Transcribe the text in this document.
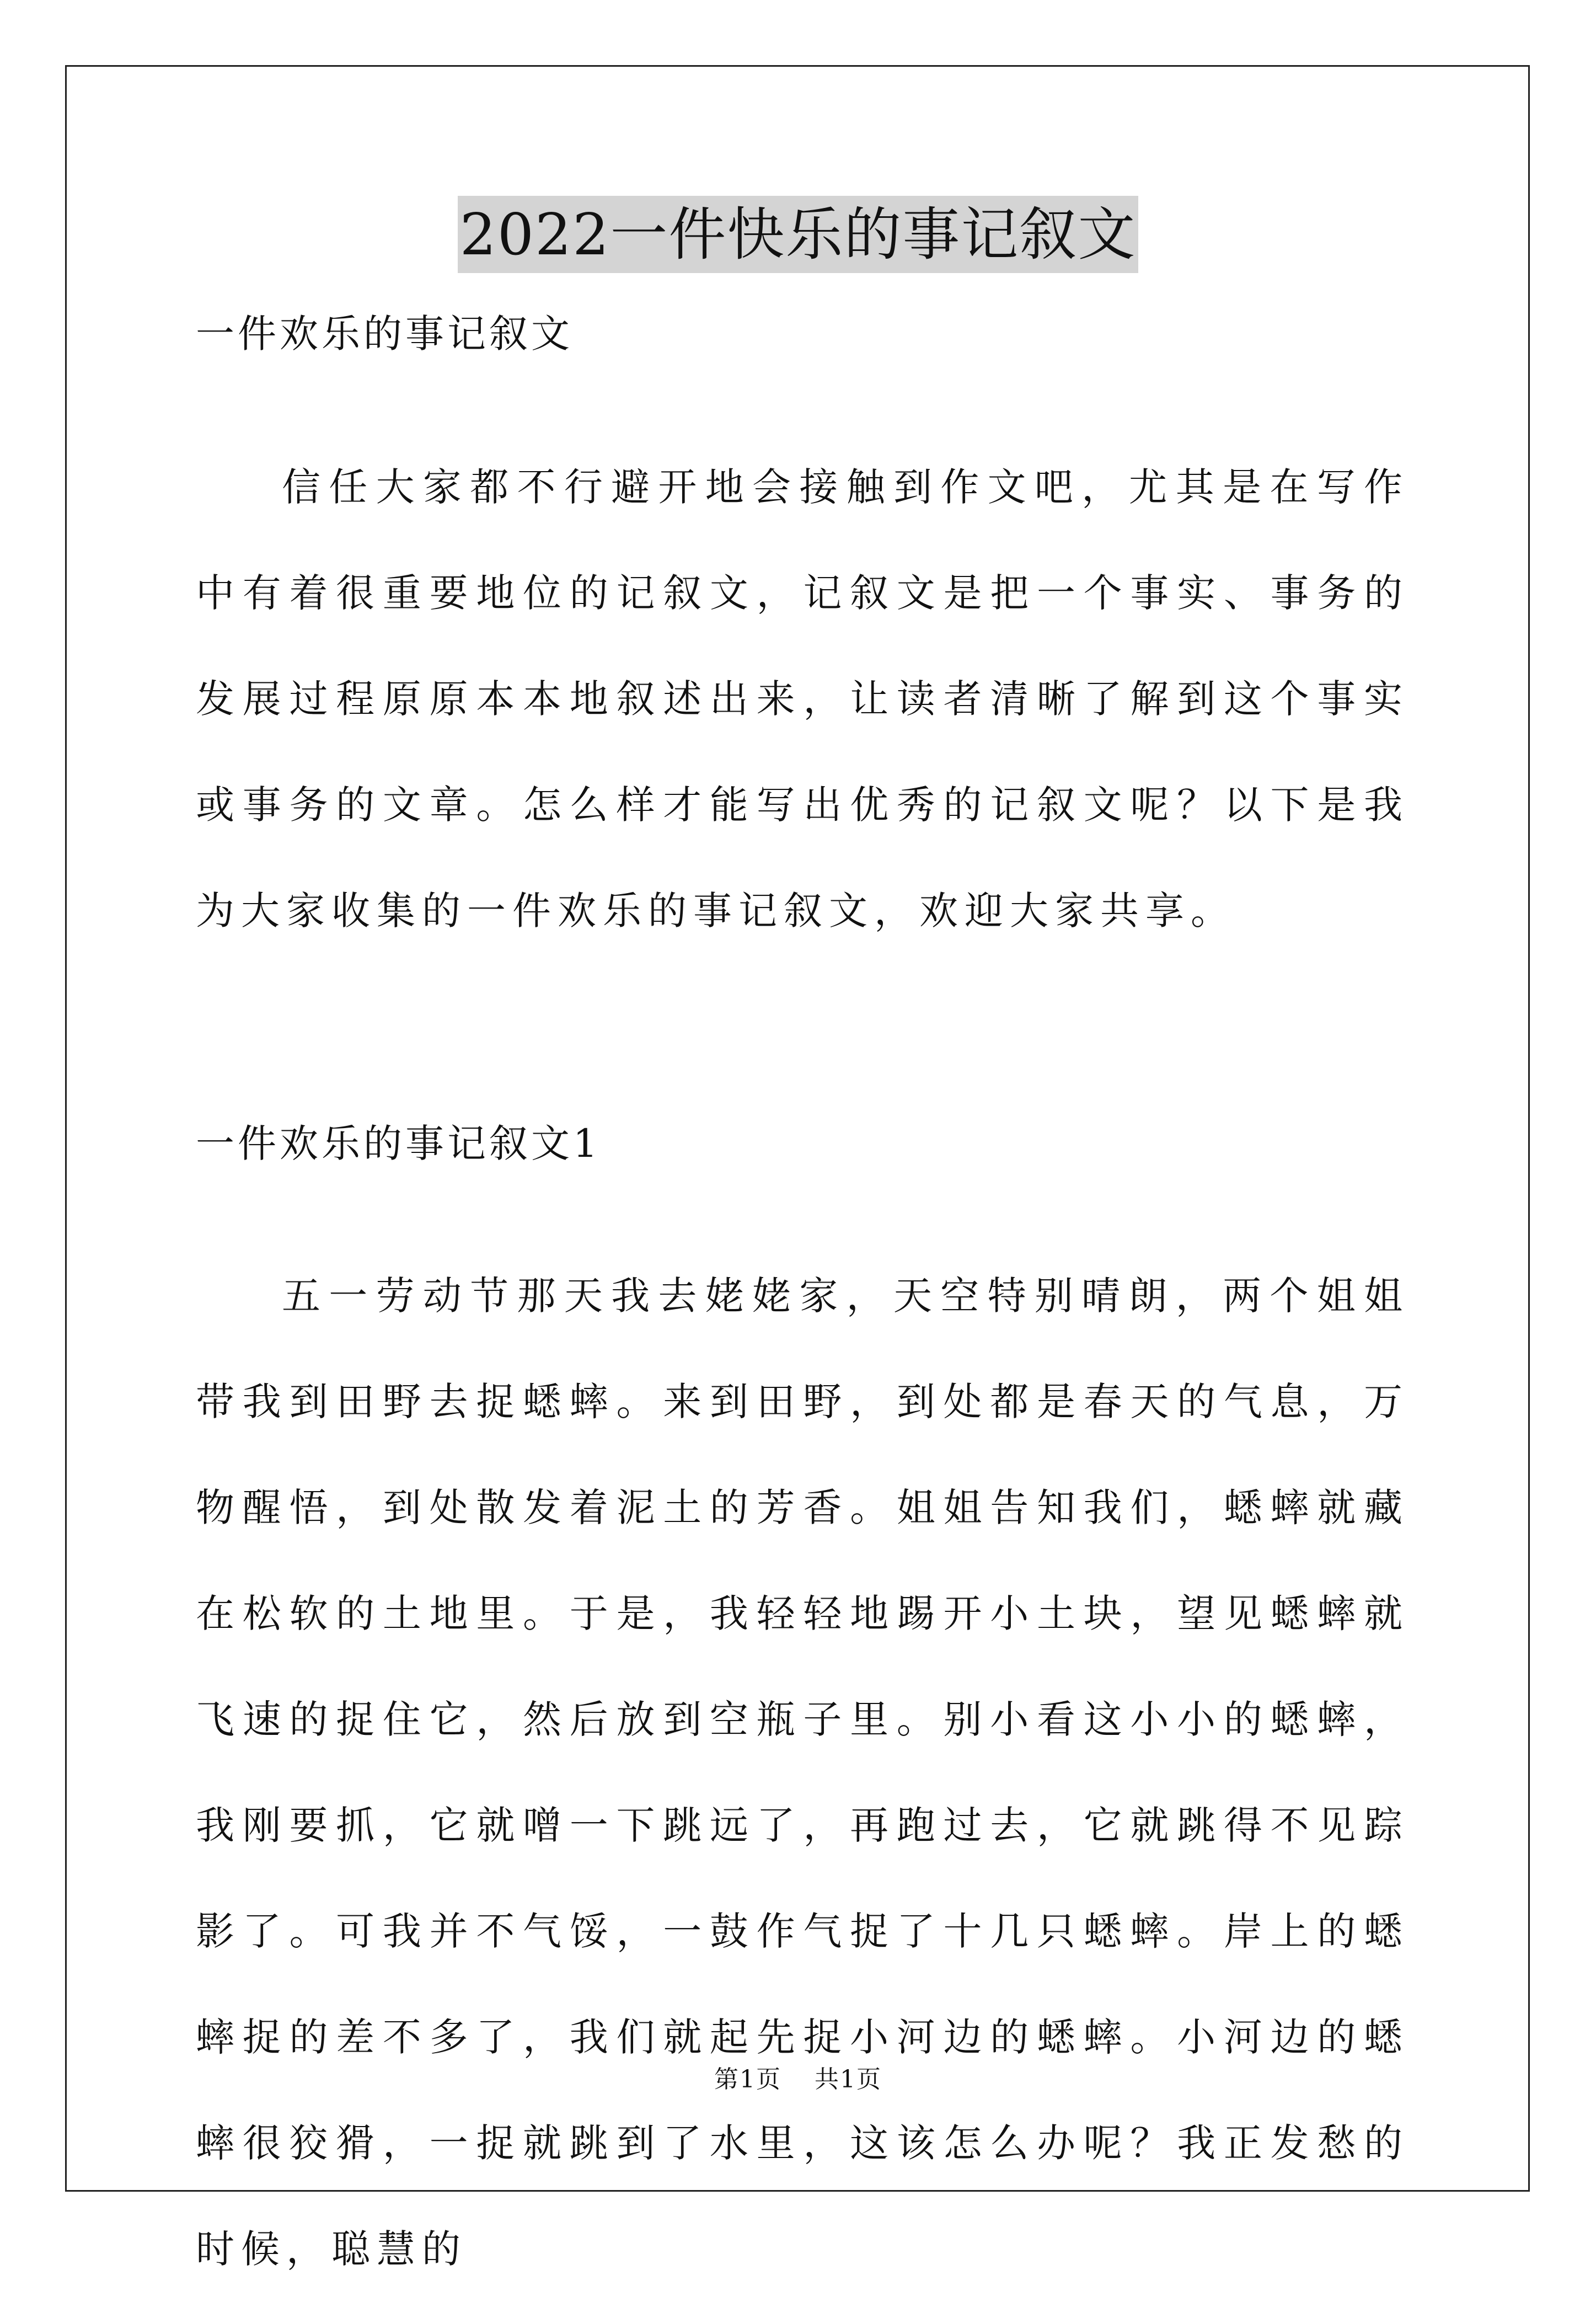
2022一件快乐的事记叙文
一件欢乐的事记叙文

信任大家都不行避开地会接触到作文吧，尤其是在写作中有着很重要地位的记叙文，记叙文是把一个事实、事务的发展过程原原本本地叙述出来，让读者清晰了解到这个事实或事务的文章。怎么样才能写出优秀的记叙文呢？以下是我为大家收集的一件欢乐的事记叙文，欢迎大家共享。

一件欢乐的事记叙文1

五一劳动节那天我去姥姥家，天空特别晴朗，两个姐姐带我到田野去捉蟋蟀。来到田野，到处都是春天的气息，万物醒悟，到处散发着泥土的芳香。姐姐告知我们，蟋蟀就藏在松软的土地里。于是，我轻轻地踢开小土块，望见蟋蟀就飞速的捉住它，然后放到空瓶子里。别小看这小小的蟋蟀，我刚要抓，它就噌一下跳远了，再跑过去，它就跳得不见踪影了。可我并不气馁，一鼓作气捉了十几只蟋蟀。岸上的蟋蟀捉的差不多了，我们就起先捉小河边的蟋蟀。小河边的蟋蟀很狡猾，一捉就跳到了水里，这该怎么办呢？我正发愁的时候，聪慧的

第1页 共1页
